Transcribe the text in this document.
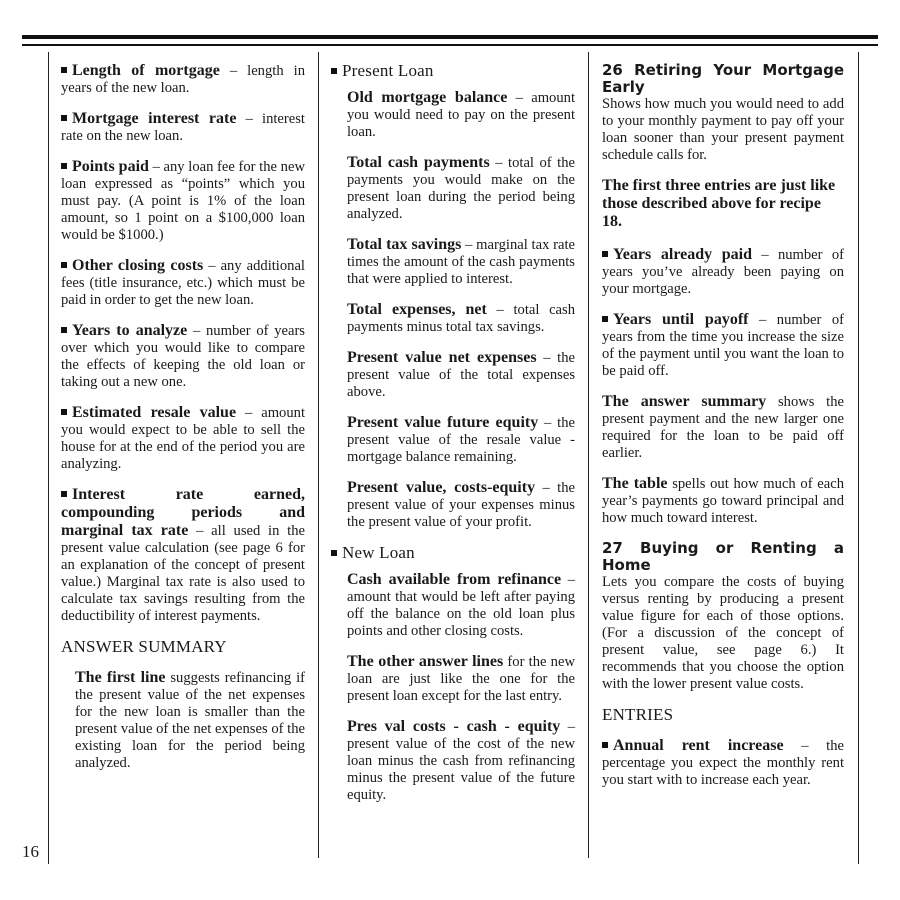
Length of mortgage – length in years of the new loan.

Mortgage interest rate – interest rate on the new loan.

Points paid – any loan fee for the new loan expressed as “points” which you must pay. (A point is 1% of the loan amount, so 1 point on a $100,000 loan would be $1000.)

Other closing costs – any additional fees (title insurance, etc.) which must be paid in order to get the new loan.

Years to analyze – number of years over which you would like to compare the effects of keeping the old loan or taking out a new one.

Estimated resale value – amount you would expect to be able to sell the house for at the end of the period you are analyzing.

Interest rate earned, compounding periods and marginal tax rate – all used in the present value calculation (see page 6 for an explanation of the concept of present value.) Marginal tax rate is also used to calculate tax savings resulting from the deductibility of interest payments.

ANSWER SUMMARY

The first line suggests refinancing if the present value of the net expenses for the new loan is smaller than the present value of the net expenses of the existing loan for the period being analyzed.

Present Loan

Old mortgage balance – amount you would need to pay on the present loan.

Total cash payments – total of the payments you would make on the present loan during the period being analyzed.

Total tax savings – marginal tax rate times the amount of the cash payments that were applied to interest.

Total expenses, net – total cash payments minus total tax savings.

Present value net expenses – the present value of the total expenses above.

Present value future equity – the present value of the resale value - mortgage balance remaining.

Present value, costs-equity – the present value of your expenses minus the present value of your profit.

New Loan

Cash available from refinance – amount that would be left after paying off the balance on the old loan plus points and other closing costs.

The other answer lines for the new loan are just like the one for the present loan except for the last entry.

Pres val costs - cash - equity – present value of the cost of the new loan minus the cash from refinancing minus the present value of the future equity.

26 Retiring Your Mortgage Early

Shows how much you would need to add to your monthly payment to pay off your loan sooner than your present payment schedule calls for.

The first three entries are just like those described above for recipe 18.

Years already paid – number of years you’ve already been paying on your mortgage.

Years until payoff – number of years from the time you increase the size of the payment until you want the loan to be paid off.

The answer summary shows the present payment and the new larger one required for the loan to be paid off earlier.

The table spells out how much of each year’s payments go toward principal and how much toward interest.

27 Buying or Renting a Home

Lets you compare the costs of buying versus renting by producing a present value figure for each of those options. (For a discussion of the concept of present value, see page 6.) It recommends that you choose the option with the lower present value costs.

ENTRIES

Annual rent increase – the percentage you expect the monthly rent you start with to increase each year.

16
